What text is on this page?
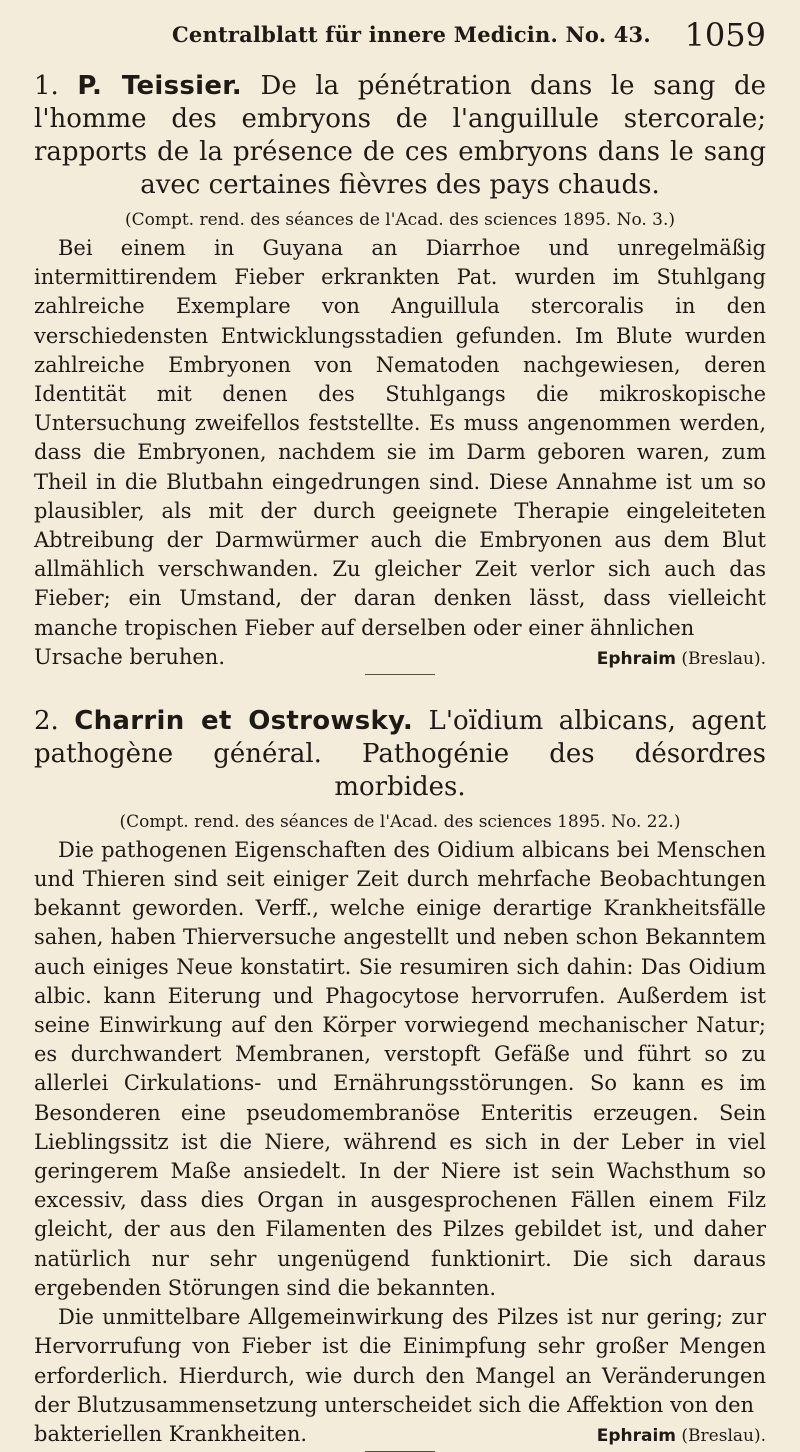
Centralblatt für innere Medicin. No. 43. 1059

1. P. Teissier. De la pénétration dans le sang de l'homme des embryons de l'anguillule stercorale; rapports de la présence de ces embryons dans le sang avec certaines fièvres des pays chauds.

(Compt. rend. des séances de l'Acad. des sciences 1895. No. 3.)

Bei einem in Guyana an Diarrhoe und unregelmäßig intermittirendem Fieber erkrankten Pat. wurden im Stuhlgang zahlreiche Exemplare von Anguillula stercoralis in den verschiedensten Entwicklungsstadien gefunden. Im Blute wurden zahlreiche Embryonen von Nematoden nachgewiesen, deren Identität mit denen des Stuhlgangs die mikroskopische Untersuchung zweifellos feststellte. Es muss angenommen werden, dass die Embryonen, nachdem sie im Darm geboren waren, zum Theil in die Blutbahn eingedrungen sind. Diese Annahme ist um so plausibler, als mit der durch geeignete Therapie eingeleiteten Abtreibung der Darmwürmer auch die Embryonen aus dem Blut allmählich verschwanden. Zu gleicher Zeit verlor sich auch das Fieber; ein Umstand, der daran denken lässt, dass vielleicht manche tropischen Fieber auf derselben oder einer ähnlichen

Ursache beruhen.	Ephraim (Breslau).

2. Charrin et Ostrowsky. L'oïdium albicans, agent pathogène général. Pathogénie des désordres morbides.

(Compt. rend. des séances de l'Acad. des sciences 1895. No. 22.)

Die pathogenen Eigenschaften des Oidium albicans bei Menschen und Thieren sind seit einiger Zeit durch mehrfache Beobachtungen bekannt geworden. Verff., welche einige derartige Krankheitsfälle sahen, haben Thierversuche angestellt und neben schon Bekanntem auch einiges Neue konstatirt. Sie resumiren sich dahin: Das Oidium albic. kann Eiterung und Phagocytose hervorrufen. Außerdem ist seine Einwirkung auf den Körper vorwiegend mechanischer Natur; es durchwandert Membranen, verstopft Gefäße und führt so zu allerlei Cirkulations- und Ernährungsstörungen. So kann es im Besonderen eine pseudomembranöse Enteritis erzeugen. Sein Lieblingssitz ist die Niere, während es sich in der Leber in viel geringerem Maße ansiedelt. In der Niere ist sein Wachsthum so excessiv, dass dies Organ in ausgesprochenen Fällen einem Filz gleicht, der aus den Filamenten des Pilzes gebildet ist, und daher natürlich nur sehr ungenügend funktionirt. Die sich daraus ergebenden Störungen sind die bekannten.

Die unmittelbare Allgemeinwirkung des Pilzes ist nur gering; zur Hervorrufung von Fieber ist die Einimpfung sehr großer Mengen erforderlich. Hierdurch, wie durch den Mangel an Veränderungen der Blutzusammensetzung unterscheidet sich die Affektion von den

bakteriellen Krankheiten.	Ephraim (Breslau).
